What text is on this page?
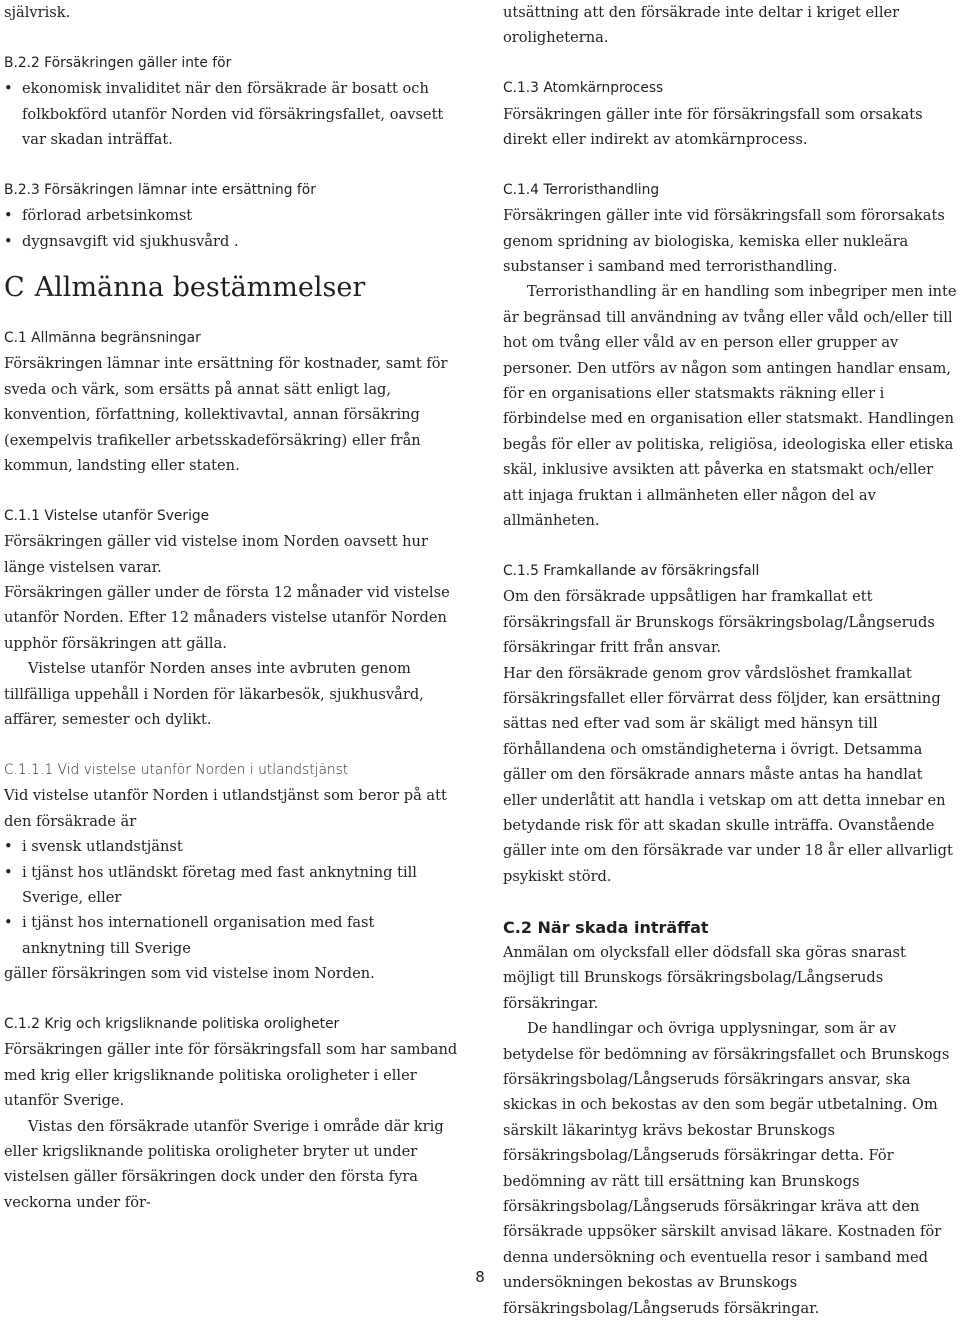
självrisk.

B.2.2 Försäkringen gäller inte för
• ekonomisk invaliditet när den försäkrade är bosatt och folkbokförd utanför Norden vid försäkringsfallet, oavsett var skadan inträffat.
B.2.3 Försäkringen lämnar inte ersättning för
• förlorad arbetsinkomst
• dygnsavgift vid sjukhusvård .
C Allmänna bestämmelser
C.1 Allmänna begränsningar

Försäkringen lämnar inte ersättning för kostnader, samt för sveda och värk, som ersätts på annat sätt enligt lag, konvention, författning, kollektivavtal, annan försäkring (exempelvis trafikeller arbetsskadeförsäkring) eller från kommun, landsting eller staten.

C.1.1 Vistelse utanför Sverige

Försäkringen gäller vid vistelse inom Norden oavsett hur länge vistelsen varar.

Försäkringen gäller under de första 12 månader vid vistelse utanför Norden. Efter 12 månaders vistelse utanför Norden upphör försäkringen att gälla.

Vistelse utanför Norden anses inte avbruten genom tillfälliga uppehåll i Norden för läkarbesök, sjukhusvård, affärer, semester och dylikt.

C.1.1.1 Vid vistelse utanför Norden i utlandstjänst

Vid vistelse utanför Norden i utlandstjänst som beror på att den försäkrade är

• i svensk utlandstjänst
• i tjänst hos utländskt företag med fast anknytning till Sverige, eller
• i tjänst hos internationell organisation med fast anknytning till Sverige

gäller försäkringen som vid vistelse inom Norden.

C.1.2 Krig och krigsliknande politiska oroligheter

Försäkringen gäller inte för försäkringsfall som har samband med krig eller krigsliknande politiska oroligheter i eller utanför Sverige.

Vistas den försäkrade utanför Sverige i område där krig eller krigsliknande politiska oroligheter bryter ut under vistelsen gäller försäkringen dock under den första fyra veckorna under för-

utsättning att den försäkrade inte deltar i kriget eller oroligheterna.

C.1.3 Atomkärnprocess

Försäkringen gäller inte för försäkringsfall som orsakats direkt eller indirekt av atomkärnprocess.

C.1.4 Terroristhandling

Försäkringen gäller inte vid försäkringsfall som förorsakats genom spridning av biologiska, kemiska eller nukleära substanser i samband med terroristhandling.

Terroristhandling är en handling som inbegriper men inte är begränsad till användning av tvång eller våld och/eller till hot om tvång eller våld av en person eller grupper av personer. Den utförs av någon som antingen handlar ensam, för en organisations eller statsmakts räkning eller i förbindelse med en organisation eller statsmakt. Handlingen begås för eller av politiska, religiösa, ideologiska eller etiska skäl, inklusive avsikten att påverka en statsmakt och/eller att injaga fruktan i allmänheten eller någon del av allmänheten.

C.1.5 Framkallande av försäkringsfall

Om den försäkrade uppsåtligen har framkallat ett försäkringsfall är Brunskogs försäkringsbolag/Långseruds försäkringar fritt från ansvar.

Har den försäkrade genom grov vårdslöshet framkallat försäkringsfallet eller förvärrat dess följder, kan ersättning sättas ned efter vad som är skäligt med hänsyn till förhållandena och omständigheterna i övrigt. Detsamma gäller om den försäkrade annars måste antas ha handlat eller underlåtit att handla i vetskap om att detta innebar en betydande risk för att skadan skulle inträffa. Ovanstående gäller inte om den försäkrade var under 18 år eller allvarligt psykiskt störd.

C.2 När skada inträffat

Anmälan om olycksfall eller dödsfall ska göras snarast möjligt till Brunskogs försäkringsbolag/Långseruds försäkringar.

De handlingar och övriga upplysningar, som är av betydelse för bedömning av försäkringsfallet och Brunskogs försäkringsbolag/Långseruds försäkringars ansvar, ska skickas in och bekostas av den som begär utbetalning. Om särskilt läkarintyg krävs bekostar Brunskogs försäkringsbolag/Långseruds försäkringar detta. För bedömning av rätt till ersättning kan Brunskogs försäkringsbolag/Långseruds försäkringar kräva att den försäkrade uppsöker särskilt anvisad läkare. Kostnaden för denna undersökning och eventuella resor i samband med undersökningen bekostas av Brunskogs försäkringsbolag/Långseruds försäkringar.

8
